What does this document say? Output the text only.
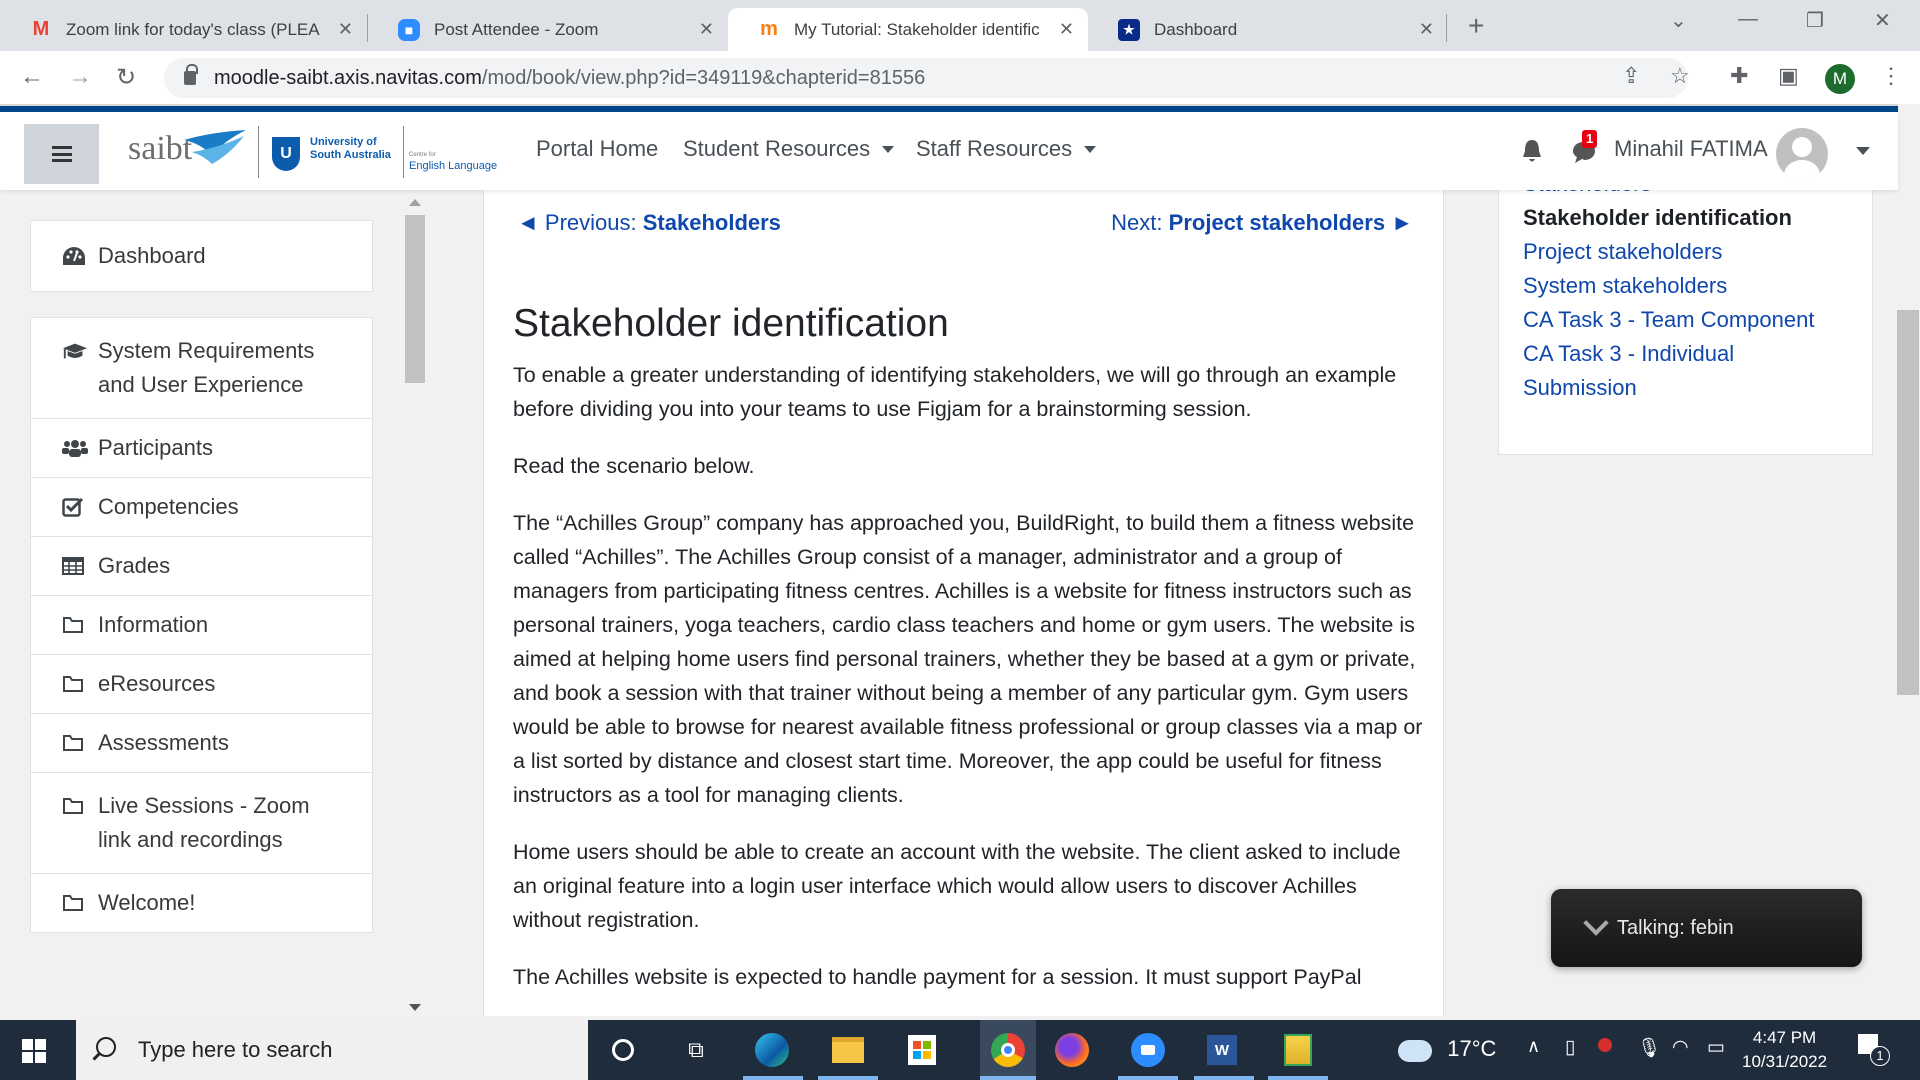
M Zoom link for today's class (PLEA ✕	■	Post Attendee - Zoom	✕ m My Tutorial: Stakeholder identific	✕	★	Dashboard	✕ +	⌄	— ❐	✕
← → ↻	moodle-saibt.axis.navitas.com /mod/book/view.php?id=349119&chapterid=81556	⇪ ☆ ✚ ▣	M	⋮
saibt	U
University of
South Australia	Centre for
English Language
Portal Home Student Resources Staff Resources	1 Minahil FATIMA
Dashboard
System Requirements and User Experience
Participants
Competencies
Grades
Information
eResources
Assessments
Live Sessions - Zoom link and recordings
Welcome!
◄ Previous: Stakeholders	Next: Project stakeholders ►
Stakeholder identification

To enable a greater understanding of identifying stakeholders, we will go through an example before dividing you into your teams to use Figjam for a brainstorming session.

Read the scenario below.

The “Achilles Group” company has approached you, BuildRight, to build them a fitness website called “Achilles”. The Achilles Group consist of a manager, administrator and a group of managers from participating fitness centres. Achilles is a website for fitness instructors such as personal trainers, yoga teachers, cardio class teachers and home or gym users. The website is aimed at helping home users find personal trainers, whether they be based at a gym or private, and book a session with that trainer without being a member of any particular gym. Gym users would be able to browse for nearest available fitness professional or group classes via a map or a list sorted by distance and closest start time. Moreover, the app could be useful for fitness instructors as a tool for managing clients.

Home users should be able to create an account with the website. The client asked to include an original feature into a login user interface which would allow users to discover Achilles without registration.

The Achilles website is expected to handle payment for a session. It must support PayPal

Stakeholder identification
Project stakeholders
System stakeholders
CA Task 3 - Team Component
CA Task 3 - Individual Submission
Talking: febin
Type here to search	⧉	W	17°C ∧ ▯	🎙 ◠ ▭	4:47 PM
10/31/2022	1
